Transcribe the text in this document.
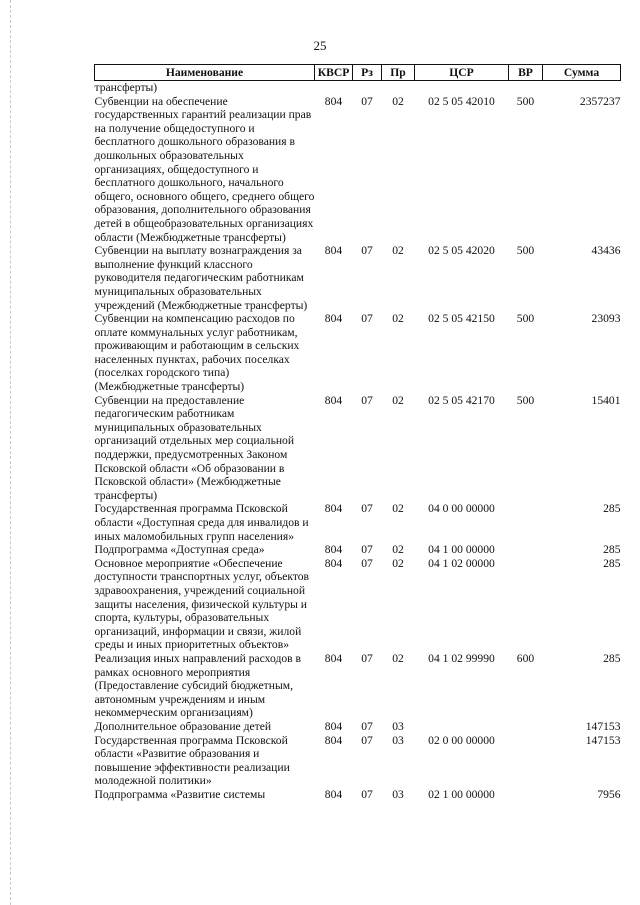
25
Наименование	КВСР	Рз	Пр	ЦСР	ВР	Сумма
трансферты)						
Субвенции на обеспечение государственных гарантий реализации прав на получение общедоступного и бесплатного дошкольного образования в дошкольных образовательных организациях, общедоступного и бесплатного дошкольного, начального общего, основного общего, среднего общего образования, дополнительного образования детей в общеобразовательных организациях области (Межбюджетные трансферты)	804	07	02	02 5 05 42010	500	2357237
Субвенции на выплату вознаграждения за выполнение функций классного руководителя педагогическим работникам муниципальных образовательных учреждений (Межбюджетные трансферты)	804	07	02	02 5 05 42020	500	43436
Субвенции на компенсацию расходов по оплате коммунальных услуг работникам, проживающим и работающим в сельских населенных пунктах, рабочих поселках (поселках городского типа) (Межбюджетные трансферты)	804	07	02	02 5 05 42150	500	23093
Субвенции на предоставление педагогическим работникам муниципальных образовательных организаций отдельных мер социальной поддержки, предусмотренных Законом Псковской области «Об образовании в Псковской области» (Межбюджетные трансферты)	804	07	02	02 5 05 42170	500	15401
Государственная программа Псковской области «Доступная среда для инвалидов и иных маломобильных групп населения»	804	07	02	04 0 00 00000		285
Подпрограмма «Доступная среда»	804	07	02	04 1 00 00000		285
Основное мероприятие «Обеспечение доступности транспортных услуг, объектов здравоохранения, учреждений социальной защиты населения, физической культуры и спорта, культуры, образовательных организаций, информации и связи, жилой среды и иных приоритетных объектов»	804	07	02	04 1 02 00000		285
Реализация иных направлений расходов в рамках основного мероприятия (Предоставление субсидий бюджетным, автономным учреждениям и иным некоммерческим организациям)	804	07	02	04 1 02 99990	600	285
Дополнительное образование детей	804	07	03			147153
Государственная программа Псковской области «Развитие образования и повышение эффективности реализации молодежной политики»	804	07	03	02 0 00 00000		147153
Подпрограмма «Развитие системы	804	07	03	02 1 00 00000		7956
